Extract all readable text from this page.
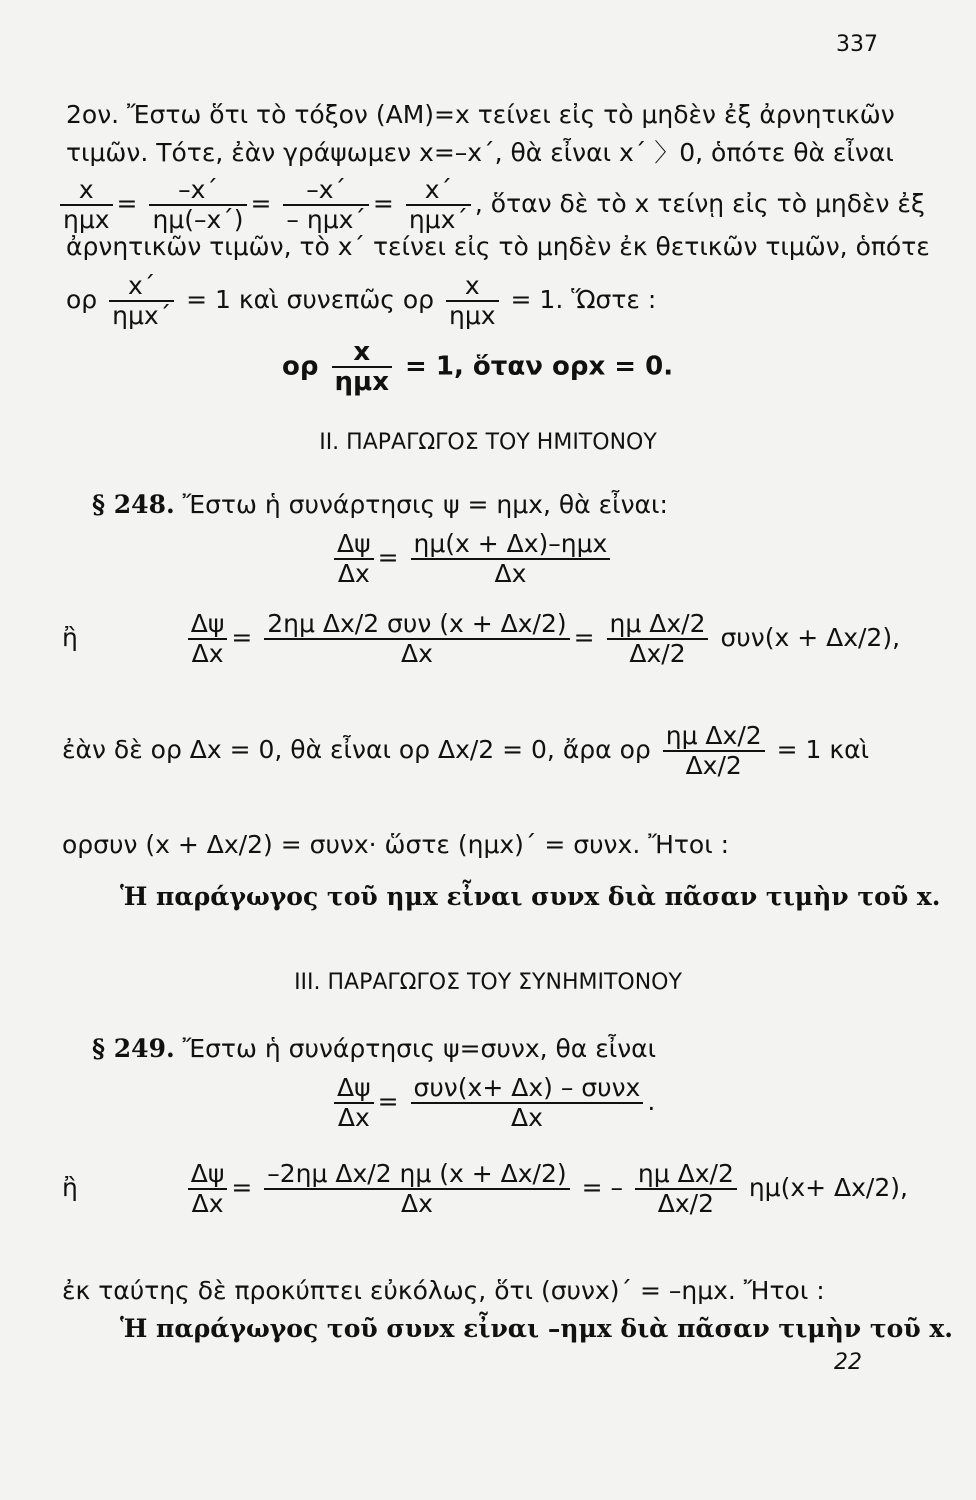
337
2ον. Ἔστω ὅτι τὸ τόξον (AM)=x τείνει εἰς τὸ μηδὲν ἐξ ἀρνητικῶν
τιμῶν. Τότε, ἐὰν γράψωμεν x=–x΄, θὰ εἶναι x΄ 〉0, ὁπότε θὰ εἶναι
$\frac{x}{\text{ημx}} = \frac{-x΄}{\eta\mu(-x΄)} = \frac{-x΄}{\text{– ημx΄}} = \frac{x΄}{\text{ημx΄}}$ , ὅταν δὲ τὸ x τείνῃ εἰς τὸ μηδὲν ἐξ
ἀρνητικῶν τιμῶν, τὸ x΄ τείνει εἰς τὸ μηδὲν ἐκ θετικῶν τιμῶν, ὁπότε
ορ $\frac{x΄}{\text{ημx΄}} = 1$ καὶ συνεπῶς ορ $\frac{x}{\text{ημx}} = 1$. Ὥστε :
ορ $\frac{x}{\text{ημx}} = 1$, ὅταν ορx = 0.
II. ΠΑΡΑΓΩΓΟΣ ΤΟΥ ΗΜΙΤΟΝΟΥ
§ 248. Ἔστω ἡ συνάρτησις ψ = ημx, θὰ εἶναι:
$\frac{\Delta\psi}{\Delta x} = \frac{\text{ημ(x + Δx)–ημx}}{\Delta x}$
ἢ	$\frac{\Delta\psi}{\Delta x} = \frac{\text{2ημ Δx/2 συν (x + Δx/2)}}{\Delta x} = \frac{\text{ημ Δx/2}}{\Delta x/2} \sigma\upsilon\nu(x + \Delta x/2)$,
ἐὰν δὲ ορ Δx = 0, θὰ εἶναι ορ Δx/2 = 0, ἄρα ορ $\frac{\text{ημ Δx/2}}{\Delta x/2} = 1$ καὶ
ορσυν (x + Δx/2) = συνx· ὥστε (ημx)΄ = συνx. Ἤτοι :
Ἡ παράγωγος τοῦ ημx εἶναι συνx διὰ πᾶσαν τιμὴν τοῦ x.
III. ΠΑΡΑΓΩΓΟΣ ΤΟΥ ΣΥΝΗΜΙΤΟΝΟΥ
§ 249. Ἔστω ἡ συνάρτησις ψ=συνx, θα εἶναι
$\frac{\Delta\psi}{\Delta x} = \frac{\text{συν(x+ Δx) – συνx}}{\Delta x}$ .
ἢ	$\frac{\Delta\psi}{\Delta x} = \frac{\text{–2ημ Δx/2 ημ (x + Δx/2)}}{\Delta x}$ = – $\frac{\text{ημ Δx/2}}{\Delta x/2} \eta\mu(x+ \Delta x/2)$,
ἐκ ταύτης δὲ προκύπτει εὐκόλως, ὅτι (συνx)΄ = –ημx. Ἤτοι :
Ἡ παράγωγος τοῦ συνx εἶναι –ημx διὰ πᾶσαν τιμὴν τοῦ x.
22
